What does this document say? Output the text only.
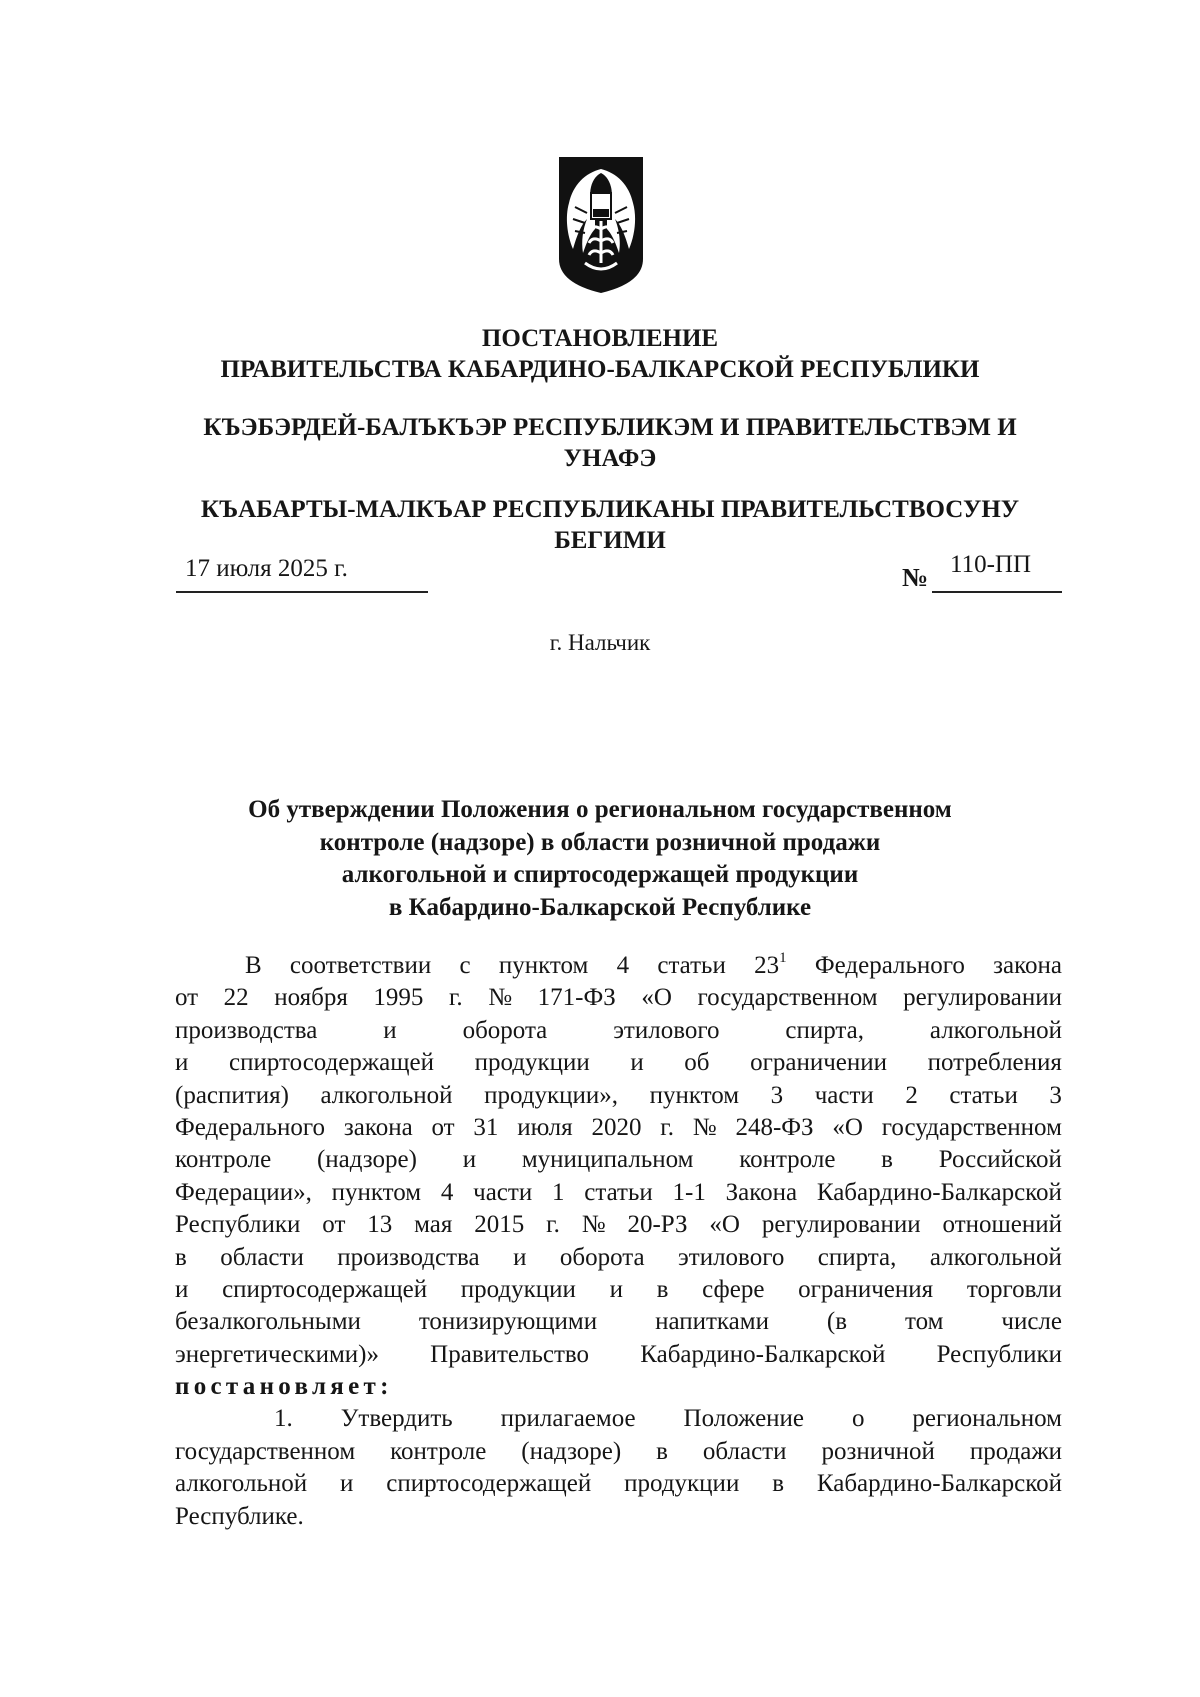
ПОСТАНОВЛЕНИЕ
ПРАВИТЕЛЬСТВА КАБАРДИНО-БАЛКАРСКОЙ РЕСПУБЛИКИ
КЪЭБЭРДЕЙ-БАЛЪКЪЭР РЕСПУБЛИКЭМ И ПРАВИТЕЛЬСТВЭМ И
УНАФЭ
КЪАБАРТЫ-МАЛКЪАР РЕСПУБЛИКАНЫ ПРАВИТЕЛЬСТВОСУНУ
БЕГИМИ
17 июля 2025 г.	№ 110-ПП
г. Нальчик
Об утверждении Положения о региональном государственном
контроле (надзоре) в области розничной продажи
алкогольной и спиртосодержащей продукции
в Кабардино-Балкарской Республике
В соответствии с пунктом 4 статьи $23^1$ Федерального закона
от 22 ноября 1995 г. № 171-ФЗ «О государственном регулировании
производства	и	оборота	этилового	спирта,	алкогольной
и спиртосодержащей продукции и об ограничении потребления
(распития) алкогольной продукции», пунктом 3 части 2 статьи 3
Федерального закона от 31 июля 2020 г. № 248-ФЗ «О государственном
контроле (надзоре) и муниципальном контроле в Российской
Федерации», пунктом 4 части 1 статьи 1-1 Закона Кабардино-Балкарской
Республики от 13 мая 2015 г. № 20-РЗ «О регулировании отношений
в области производства и оборота этилового спирта, алкогольной
и спиртосодержащей продукции и в сфере ограничения торговли
безалкогольными тонизирующими напитками (в том числе
энергетическими)» Правительство Кабардино-Балкарской Республики
постановляет:
1. Утвердить прилагаемое Положение о региональном
государственном контроле (надзоре) в области розничной продажи
алкогольной и спиртосодержащей продукции в Кабардино-Балкарской
Республике.
